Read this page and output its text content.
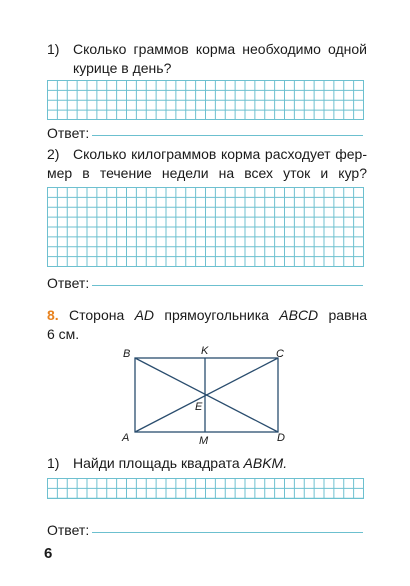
1) Сколько граммов корма необходимо одной
курице в день?
Ответ:
2) Сколько килограммов корма расходует фер-
мер в течение недели на всех уток и кур?
Ответ:
8. Сторона AD прямоугольника ABCD равна
6 см.
B	K	C
E
A	M	D
1) Найди площадь квадрата ABKM.
Ответ:
6
